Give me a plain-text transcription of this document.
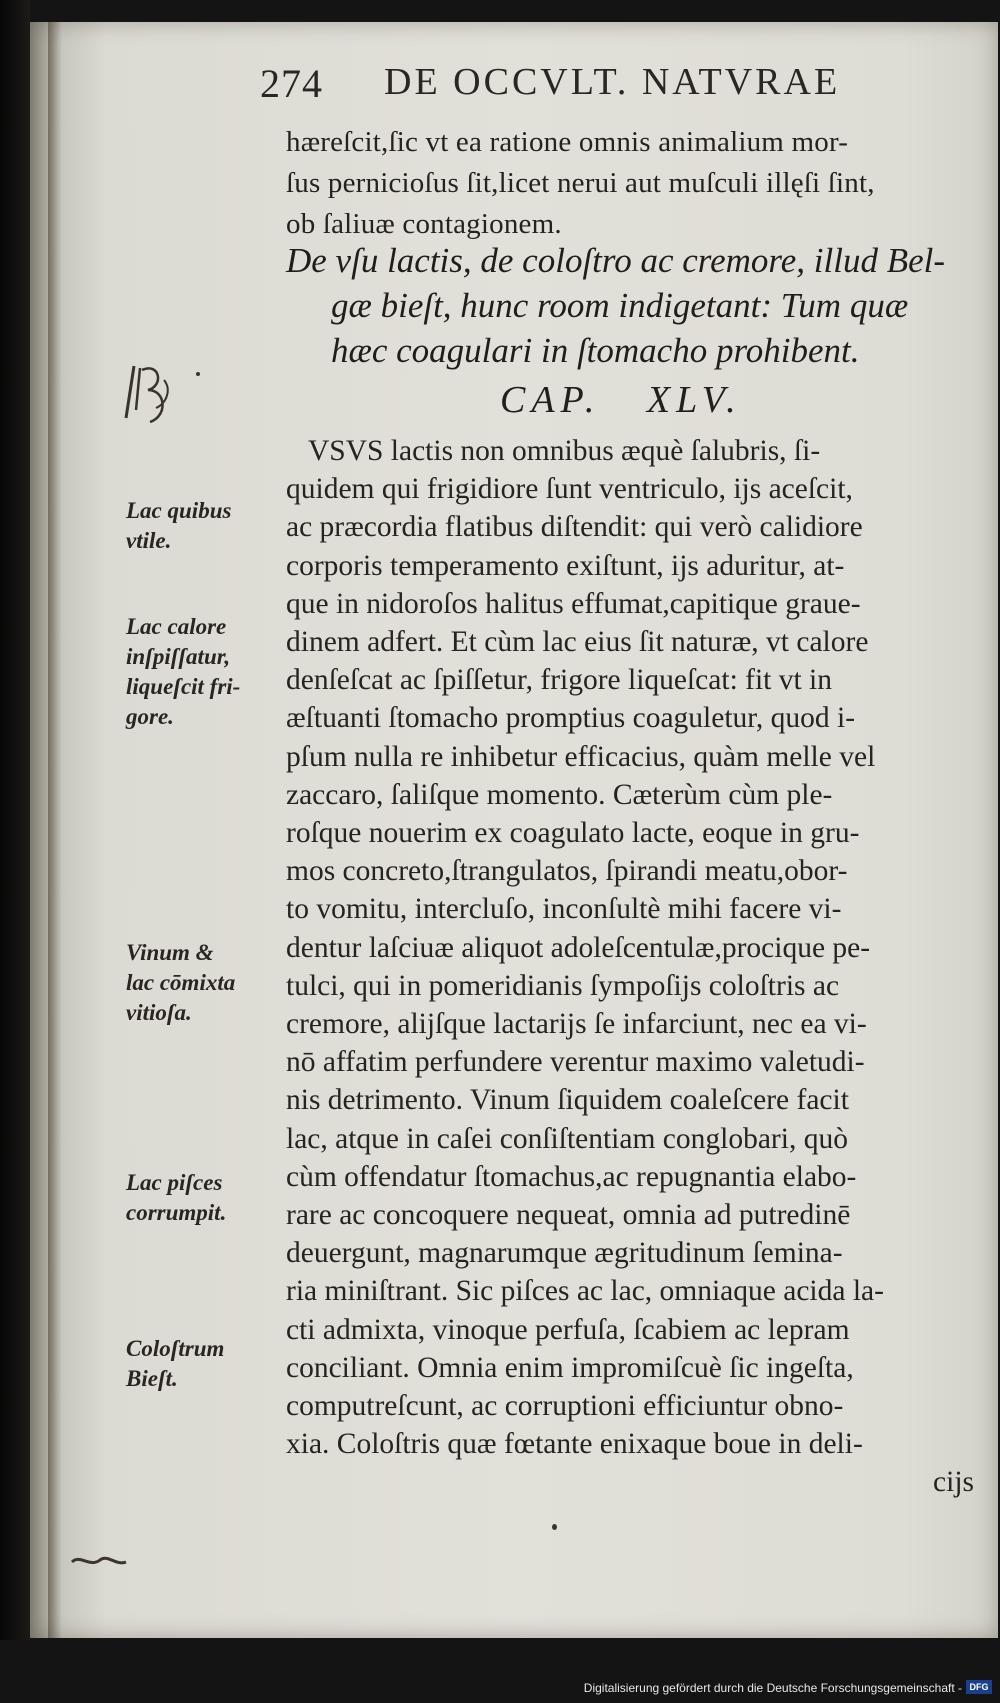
274 DE OCCVLT. NATVRAE
hæreſcit,ſic vt ea ratione omnis animalium mor-
ſus pernicioſus ſit,licet nerui aut muſculi illęſi ſint,
ob ſaliuæ contagionem.
De vſu lactis, de coloſtro ac cremore, illud Bel-
gæ bieſt, hunc room indigetant: Tum quæ
hæc coagulari in ſtomacho prohibent.
CAP.   XLV.
VSVS lactis non omnibus æquè ſalubris, ſi-
quidem qui frigidiore ſunt ventriculo, ijs aceſcit,
ac præcordia flatibus diſtendit: qui verò calidiore
corporis temperamento exiſtunt, ijs aduritur, at-
que in nidoroſos halitus effumat,capitique graue-
dinem adfert. Et cùm lac eius ſit naturæ, vt calore
denſeſcat ac ſpiſſetur, frigore liqueſcat: fit vt in
æſtuanti ſtomacho promptius coaguletur, quod i-
pſum nulla re inhibetur efficacius, quàm melle vel
zaccaro, ſaliſque momento. Cæterùm cùm ple-
roſque nouerim ex coagulato lacte, eoque in gru-
mos concreto,ſtrangulatos, ſpirandi meatu,obor-
to vomitu, intercluſo, inconſultè mihi facere vi-
dentur laſciuæ aliquot adoleſcentulæ,procique pe-
tulci, qui in pomeridianis ſympoſijs coloſtris ac
cremore, alijſque lactarijs ſe infarciunt, nec ea vi-
nō affatim perfundere verentur maximo valetudi-
nis detrimento. Vinum ſiquidem coaleſcere facit
lac, atque in caſei conſiſtentiam conglobari, quò
cùm offendatur ſtomachus,ac repugnantia elabo-
rare ac concoquere nequeat, omnia ad putredinē
deuergunt, magnarumque ægritudinum ſemina-
ria miniſtrant. Sic piſces ac lac, omniaque acida la-
cti admixta, vinoque perfuſa, ſcabiem ac lepram
conciliant. Omnia enim impromiſcuè ſic ingeſta,
computreſcunt, ac corruptioni efficiuntur obno-
xia. Coloſtris quæ fœtante enixaque boue in deli-
cijs
Lac quibus
vtile.
Lac calore
inſpiſſatur,
liqueſcit fri-
gore.
Vinum &
lac cōmixta
vitioſa.
Lac piſces
corrumpit.
Coloſtrum
Bieſt.
Digitalisierung gefördert durch die Deutsche Forschungsgemeinschaft - DFG
